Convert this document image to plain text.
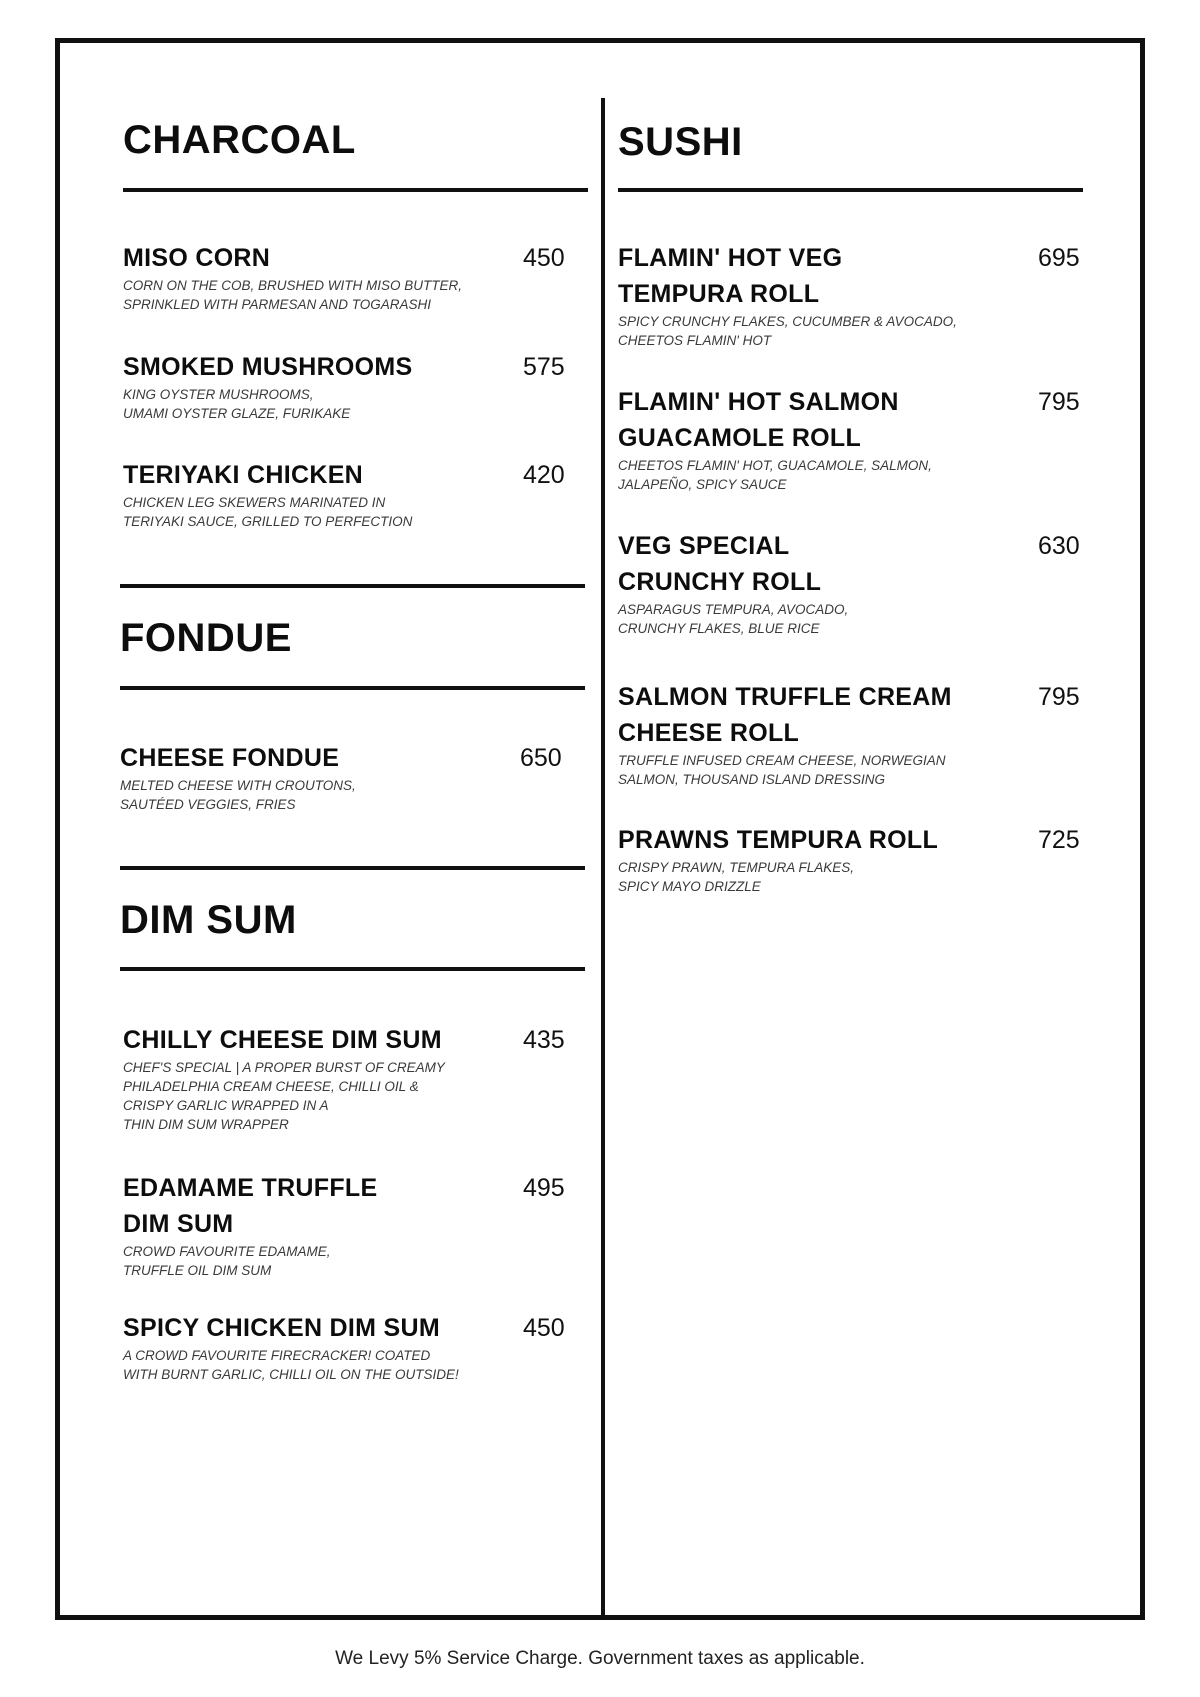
CHARCOAL

MISO CORN

CORN ON THE COB, BRUSHED WITH MISO BUTTER,
SPRINKLED WITH PARMESAN AND TOGARASHI

450

SMOKED MUSHROOMS

KING OYSTER MUSHROOMS,
UMAMI OYSTER GLAZE, FURIKAKE

575

TERIYAKI CHICKEN

CHICKEN LEG SKEWERS MARINATED IN
TERIYAKI SAUCE, GRILLED TO PERFECTION

420
FONDUE

CHEESE FONDUE

MELTED CHEESE WITH CROUTONS,
SAUTÉED VEGGIES, FRIES

650
DIM SUM

CHILLY CHEESE DIM SUM

CHEF'S SPECIAL | A PROPER BURST OF CREAMY
PHILADELPHIA CREAM CHEESE, CHILLI OIL &
CRISPY GARLIC WRAPPED IN A
THIN DIM SUM WRAPPER

435

EDAMAME TRUFFLE
DIM SUM

CROWD FAVOURITE EDAMAME,
TRUFFLE OIL DIM SUM

495

SPICY CHICKEN DIM SUM

A CROWD FAVOURITE FIRECRACKER! COATED
WITH BURNT GARLIC, CHILLI OIL ON THE OUTSIDE!

450
SUSHI

FLAMIN' HOT VEG
TEMPURA ROLL

SPICY CRUNCHY FLAKES, CUCUMBER & AVOCADO,
CHEETOS FLAMIN' HOT

695

FLAMIN' HOT SALMON
GUACAMOLE ROLL

CHEETOS FLAMIN' HOT, GUACAMOLE, SALMON,
JALAPEÑO, SPICY SAUCE

795

VEG SPECIAL
CRUNCHY ROLL

ASPARAGUS TEMPURA, AVOCADO,
CRUNCHY FLAKES, BLUE RICE

630

SALMON TRUFFLE CREAM
CHEESE ROLL

TRUFFLE INFUSED CREAM CHEESE, NORWEGIAN
SALMON, THOUSAND ISLAND DRESSING

795

PRAWNS TEMPURA ROLL

CRISPY PRAWN, TEMPURA FLAKES,
SPICY MAYO DRIZZLE

725
We Levy 5% Service Charge. Government taxes as applicable.
